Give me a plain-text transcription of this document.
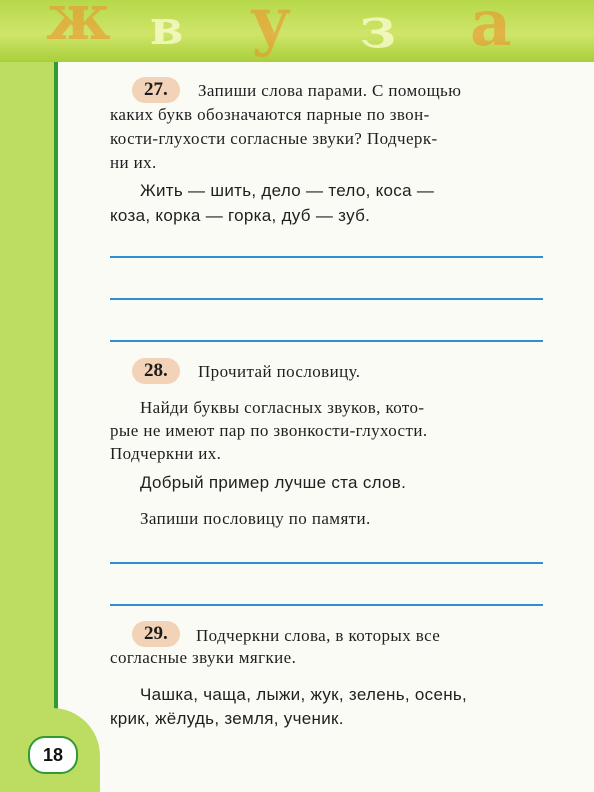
ж в у з а
18
27.	Запиши слова парами. С помощью
каких букв обозначаются парные по звон-
кости-глухости согласные звуки? Подчерк-
ни их.
Жить — шить, дело — тело, коса —
коза, корка — горка, дуб — зуб.
28.	Прочитай пословицу.
Найди буквы согласных звуков, кото-
рые не имеют пар по звонкости-глухости.
Подчеркни их.
Добрый пример лучше ста слов.
Запиши пословицу по памяти.
29.	Подчеркни слова, в которых все
согласные звуки мягкие.
Чашка, чаща, лыжи, жук, зелень, осень,
крик, жёлудь, земля, ученик.
